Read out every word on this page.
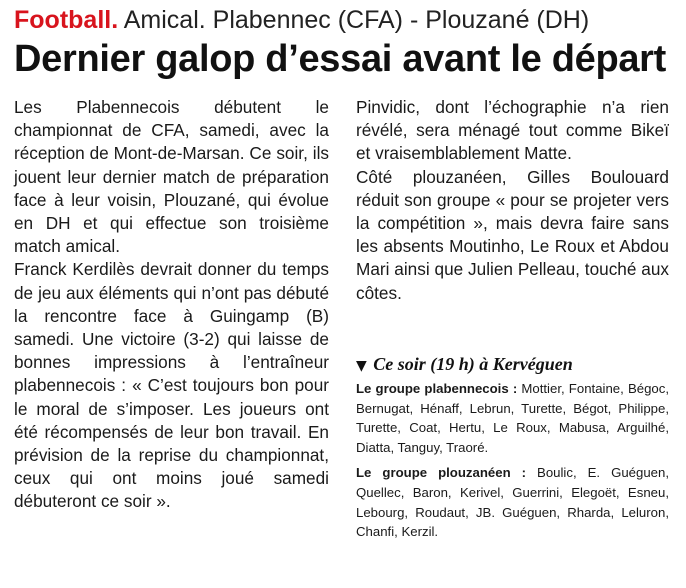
Football. Amical. Plabennec (CFA) - Plouzané (DH)
Dernier galop d’essai avant le départ

Les Plabennecois débutent le championnat de CFA, samedi, avec la réception de Mont-de-Marsan. Ce soir, ils jouent leur dernier match de préparation face à leur voisin, Plouzané, qui évolue en DH et qui effectue son troisième match amical.

Franck Kerdilès devrait donner du temps de jeu aux éléments qui n’ont pas débuté la rencontre face à Guingamp (B) samedi. Une victoire (3-2) qui laisse de bonnes impressions à l’entraîneur plabennecois : « C’est toujours bon pour le moral de s’imposer. Les joueurs ont été récompensés de leur bon travail. En prévision de la reprise du championnat, ceux qui ont moins joué samedi débuteront ce soir ».

Pinvidic, dont l’échographie n’a rien révélé, sera ménagé tout comme Bikeï et vraisemblablement Matte.

Côté plouzanéen, Gilles Boulouard réduit son groupe « pour se projeter vers la compétition », mais devra faire sans les absents Moutinho, Le Roux et Abdou Mari ainsi que Julien Pelleau, touché aux côtes.

▼ Ce soir (19 h) à Kervéguen

Le groupe plabennecois : Mottier, Fontaine, Bégoc, Bernugat, Hénaff, Lebrun, Turette, Bégot, Philippe, Turette, Coat, Hertu, Le Roux, Mabusa, Arguilhé, Diatta, Tanguy, Traoré.

Le groupe plouzanéen : Boulic, E. Guéguen, Quellec, Baron, Kerivel, Guerrini, Elegoët, Esneu, Lebourg, Roudaut, JB. Guéguen, Rharda, Leluron, Chanfi, Kerzil.
